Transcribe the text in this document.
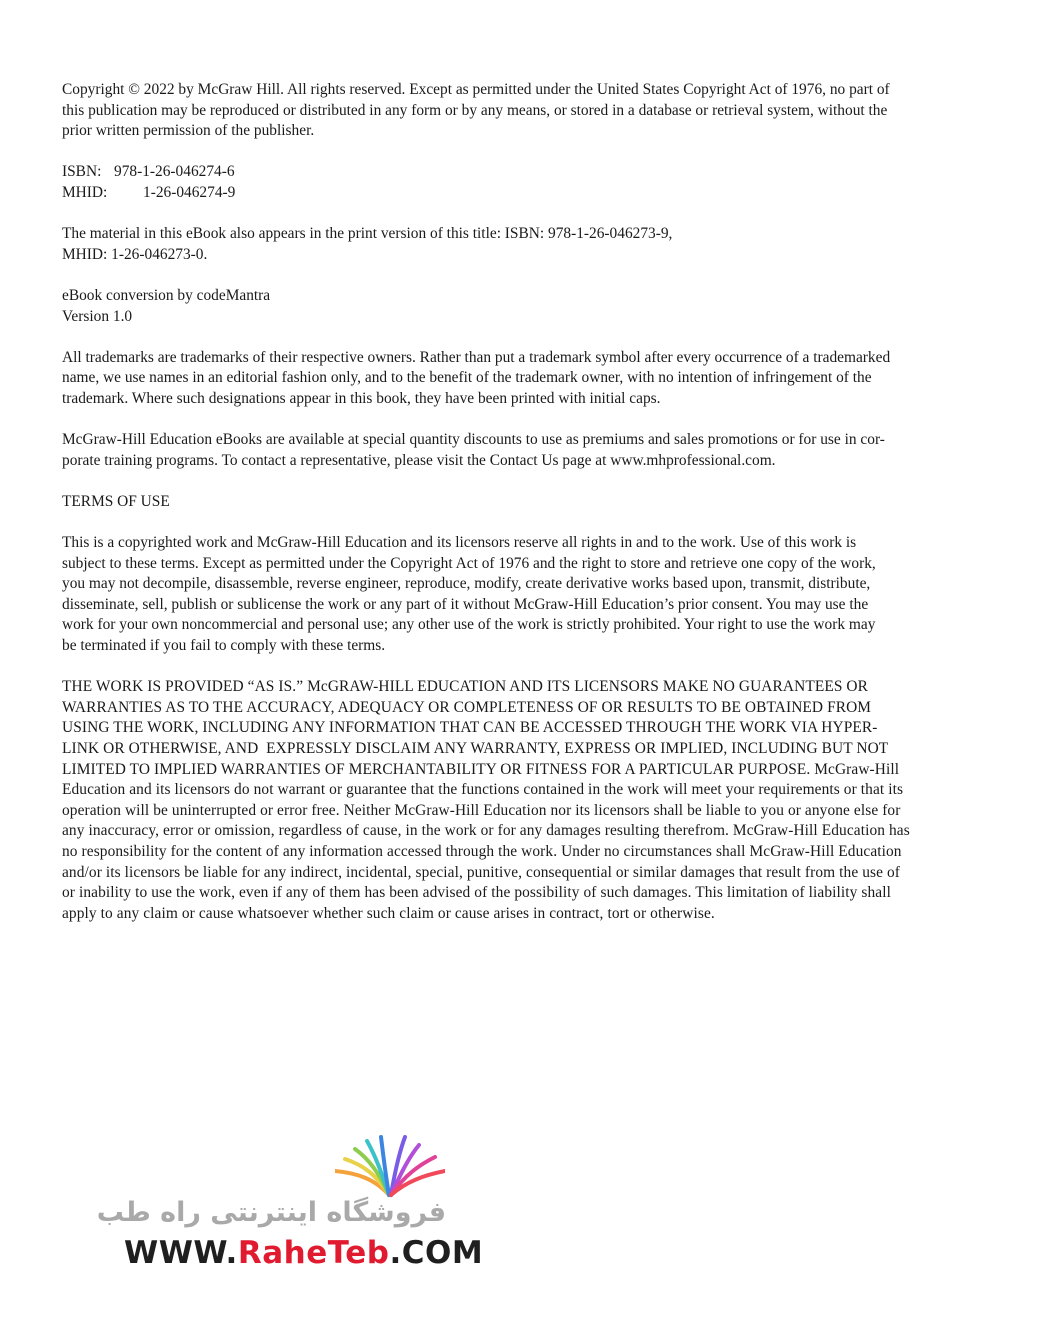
Copyright © 2022 by McGraw Hill. All rights reserved. Except as permitted under the United States Copyright Act of 1976, no part of
this publication may be reproduced or distributed in any form or by any means, or stored in a database or retrieval system, without the
prior written permission of the publisher.

ISBN: 978-1-26-046274-6
MHID: 1-26-046274-9

The material in this eBook also appears in the print version of this title: ISBN: 978-1-26-046273-9,
MHID: 1-26-046273-0.

eBook conversion by codeMantra
Version 1.0

All trademarks are trademarks of their respective owners. Rather than put a trademark symbol after every occurrence of a trademarked
name, we use names in an editorial fashion only, and to the benefit of the trademark owner, with no intention of infringement of the
trademark. Where such designations appear in this book, they have been printed with initial caps.

McGraw-Hill Education eBooks are available at special quantity discounts to use as premiums and sales promotions or for use in cor-
porate training programs. To contact a representative, please visit the Contact Us page at www.mhprofessional.com.

TERMS OF USE

This is a copyrighted work and McGraw-Hill Education and its licensors reserve all rights in and to the work. Use of this work is
subject to these terms. Except as permitted under the Copyright Act of 1976 and the right to store and retrieve one copy of the work,
you may not decompile, disassemble, reverse engineer, reproduce, modify, create derivative works based upon, transmit, distribute,
disseminate, sell, publish or sublicense the work or any part of it without McGraw-Hill Education’s prior consent. You may use the
work for your own noncommercial and personal use; any other use of the work is strictly prohibited. Your right to use the work may
be terminated if you fail to comply with these terms.

THE WORK IS PROVIDED “AS IS.” McGRAW-HILL EDUCATION AND ITS LICENSORS MAKE NO GUARANTEES OR
WARRANTIES AS TO THE ACCURACY, ADEQUACY OR COMPLETENESS OF OR RESULTS TO BE OBTAINED FROM
USING THE WORK, INCLUDING ANY INFORMATION THAT CAN BE ACCESSED THROUGH THE WORK VIA HYPER-
LINK OR OTHERWISE, AND  EXPRESSLY DISCLAIM ANY WARRANTY, EXPRESS OR IMPLIED, INCLUDING BUT NOT
LIMITED TO IMPLIED WARRANTIES OF MERCHANTABILITY OR FITNESS FOR A PARTICULAR PURPOSE. McGraw-Hill
Education and its licensors do not warrant or guarantee that the functions contained in the work will meet your requirements or that its
operation will be uninterrupted or error free. Neither McGraw-Hill Education nor its licensors shall be liable to you or anyone else for
any inaccuracy, error or omission, regardless of cause, in the work or for any damages resulting therefrom. McGraw-Hill Education has
no responsibility for the content of any information accessed through the work. Under no circumstances shall McGraw-Hill Education
and/or its licensors be liable for any indirect, incidental, special, punitive, consequential or similar damages that result from the use of
or inability to use the work, even if any of them has been advised of the possibility of such damages. This limitation of liability shall
apply to any claim or cause whatsoever whether such claim or cause arises in contract, tort or otherwise.

فروشگاه اینترنتی راه طب
WWW.RaheTeb.COM
